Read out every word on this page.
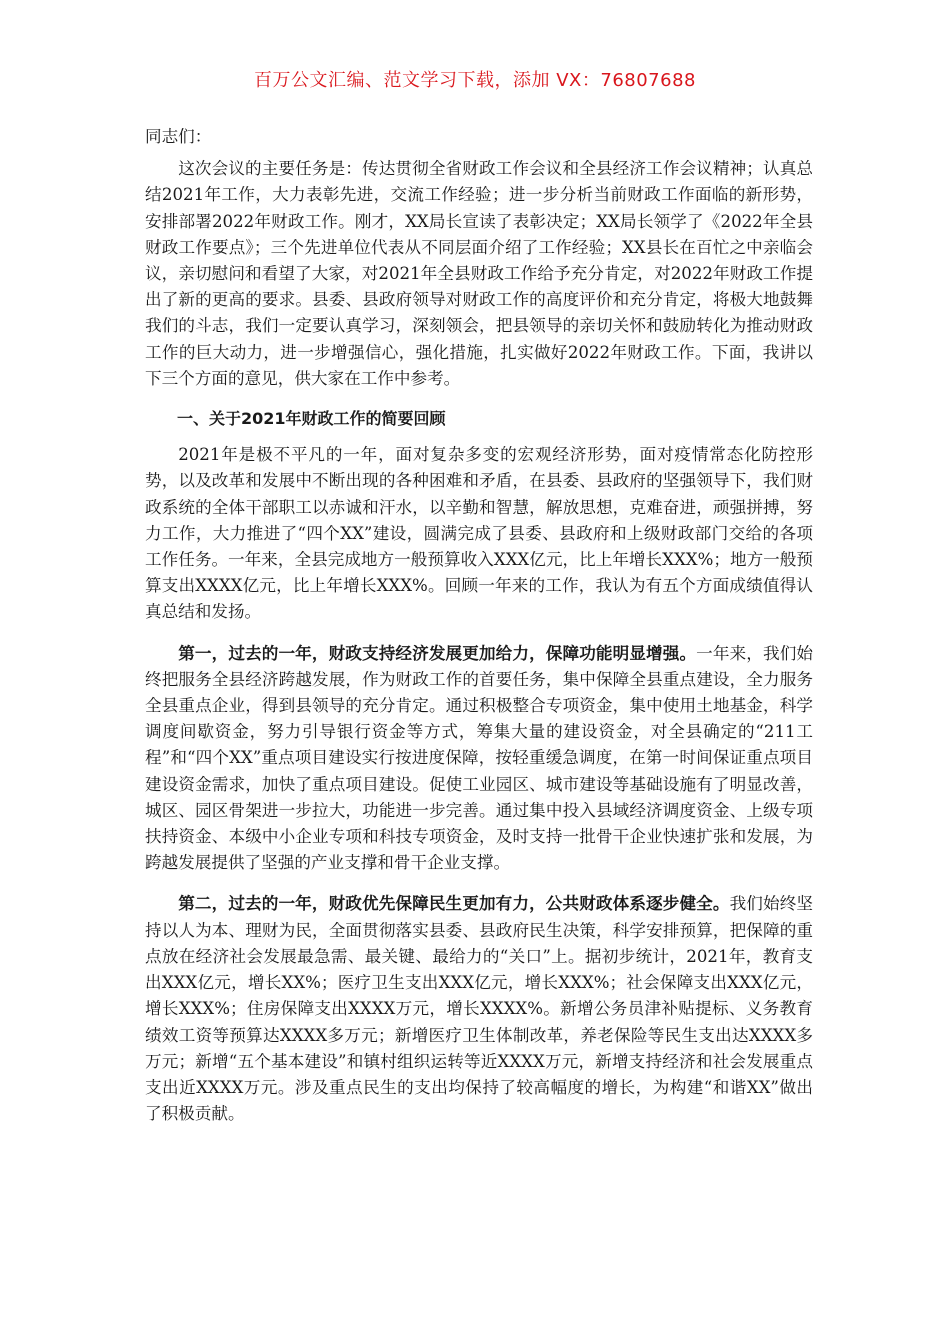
百万公文汇编、范文学习下载，添加 VX：76807688

同志们：

这次会议的主要任务是：传达贯彻全省财政工作会议和全县经济工作会议精神；认真总结2021年工作，大力表彰先进，交流工作经验；进一步分析当前财政工作面临的新形势，安排部署2022年财政工作。刚才，XX局长宣读了表彰决定；XX局长领学了《2022年全县财政工作要点》；三个先进单位代表从不同层面介绍了工作经验；XX县长在百忙之中亲临会议，亲切慰问和看望了大家，对2021年全县财政工作给予充分肯定，对2022年财政工作提出了新的更高的要求。县委、县政府领导对财政工作的高度评价和充分肯定，将极大地鼓舞我们的斗志，我们一定要认真学习，深刻领会，把县领导的亲切关怀和鼓励转化为推动财政工作的巨大动力，进一步增强信心，强化措施，扎实做好2022年财政工作。下面，我讲以下三个方面的意见，供大家在工作中参考。

一、关于2021年财政工作的简要回顾

2021年是极不平凡的一年，面对复杂多变的宏观经济形势，面对疫情常态化防控形势，以及改革和发展中不断出现的各种困难和矛盾，在县委、县政府的坚强领导下，我们财政系统的全体干部职工以赤诚和汗水，以辛勤和智慧，解放思想，克难奋进，顽强拼搏，努力工作，大力推进了“四个XX”建设，圆满完成了县委、县政府和上级财政部门交给的各项工作任务。一年来，全县完成地方一般预算收入XXX亿元，比上年增长XXX%；地方一般预算支出XXXX亿元，比上年增长XXX%。回顾一年来的工作，我认为有五个方面成绩值得认真总结和发扬。

第一，过去的一年，财政支持经济发展更加给力，保障功能明显增强。一年来，我们始终把服务全县经济跨越发展，作为财政工作的首要任务，集中保障全县重点建设，全力服务全县重点企业，得到县领导的充分肯定。通过积极整合专项资金，集中使用土地基金，科学调度间歇资金，努力引导银行资金等方式，筹集大量的建设资金，对全县确定的“211工程”和“四个XX”重点项目建设实行按进度保障，按轻重缓急调度，在第一时间保证重点项目建设资金需求，加快了重点项目建设。促使工业园区、城市建设等基础设施有了明显改善，城区、园区骨架进一步拉大，功能进一步完善。通过集中投入县域经济调度资金、上级专项扶持资金、本级中小企业专项和科技专项资金，及时支持一批骨干企业快速扩张和发展，为跨越发展提供了坚强的产业支撑和骨干企业支撑。

第二，过去的一年，财政优先保障民生更加有力，公共财政体系逐步健全。我们始终坚持以人为本、理财为民，全面贯彻落实县委、县政府民生决策，科学安排预算，把保障的重点放在经济社会发展最急需、最关键、最给力的“关口”上。据初步统计，2021年，教育支出XXX亿元，增长XX%；医疗卫生支出XXX亿元，增长XXX%；社会保障支出XXX亿元，增长XXX%；住房保障支出XXXX万元，增长XXXX%。新增公务员津补贴提标、义务教育绩效工资等预算达XXXX多万元；新增医疗卫生体制改革，养老保险等民生支出达XXXX多万元；新增“五个基本建设”和镇村组织运转等近XXXX万元，新增支持经济和社会发展重点支出近XXXX万元。涉及重点民生的支出均保持了较高幅度的增长，为构建“和谐XX”做出了积极贡献。
